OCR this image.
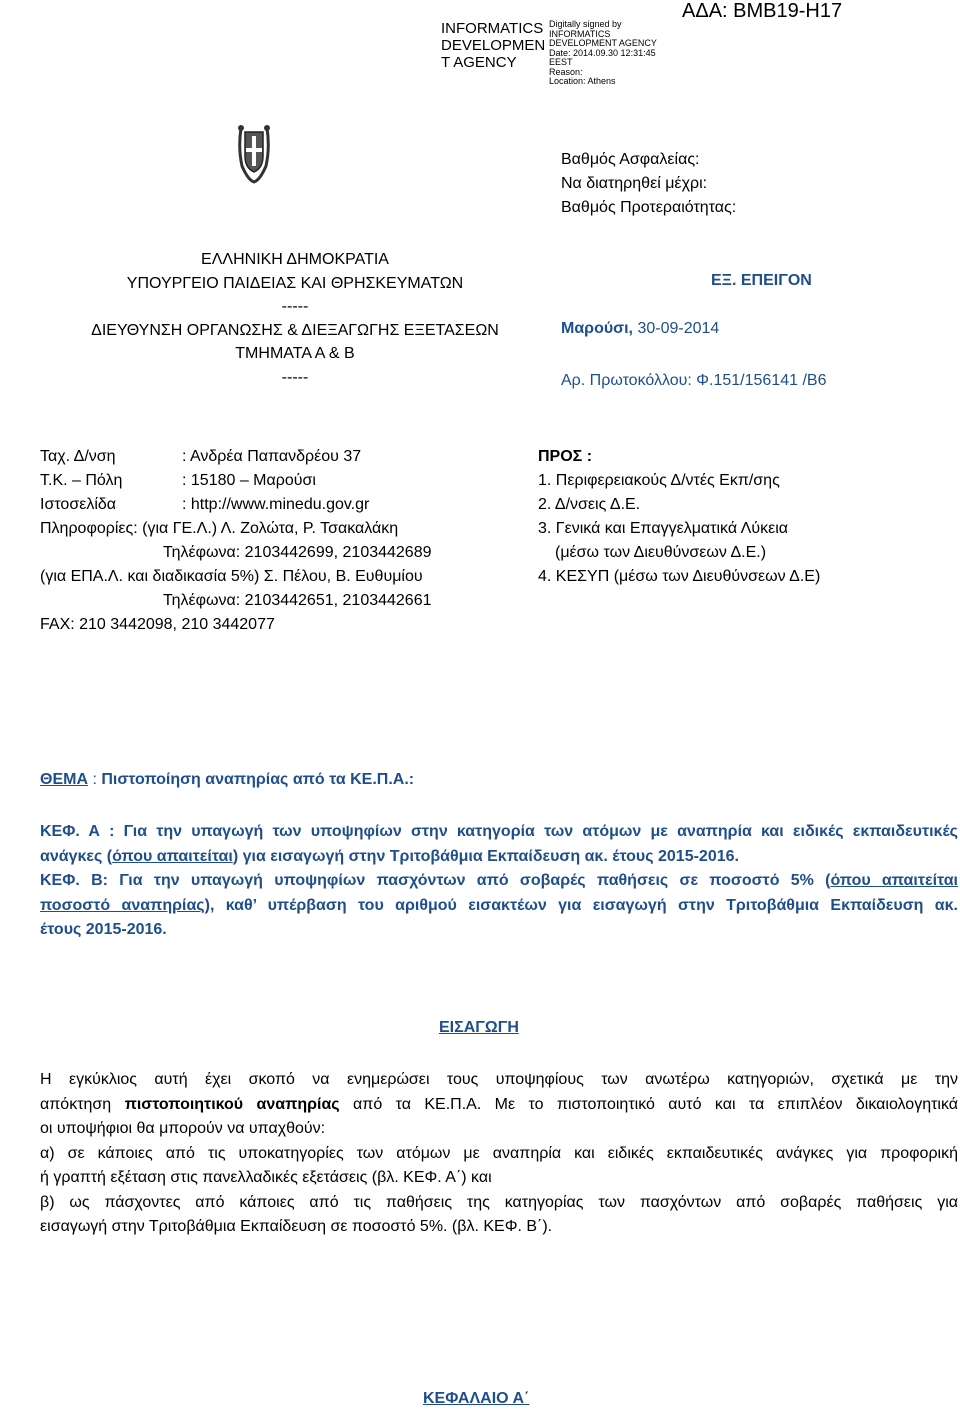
INFORMATICS
DEVELOPMEN
T AGENCY
Digitally signed by
INFORMATICS
DEVELOPMENT AGENCY
Date: 2014.09.30 12:31:45
EEST
Reason:
Location: Athens
ΑΔΑ: ΒΜΒ19-Η17
Βαθμός Ασφαλείας:
Να διατηρηθεί μέχρι:
Βαθμός Προτεραιότητας:
ΕΛΛΗΝΙΚΗ ΔΗΜΟΚΡΑΤΙΑ
ΥΠΟΥΡΓΕΙΟ ΠΑΙΔΕΙΑΣ ΚΑΙ ΘΡΗΣΚΕΥΜΑΤΩΝ
-----
ΔΙΕΥΘΥΝΣΗ ΟΡΓΑΝΩΣΗΣ & ΔΙΕΞΑΓΩΓΗΣ ΕΞΕΤΑΣΕΩΝ
ΤΜΗΜΑΤΑ Α & Β
-----
ΕΞ. ΕΠΕΙΓΟΝ
Μαρούσι, 30-09-2014
Αρ. Πρωτοκόλλου: Φ.151/156141 /Β6
Ταχ. Δ/νση	: Ανδρέα Παπανδρέου 37
Τ.Κ. – Πόλη	: 15180 – Μαρούσι
Ιστοσελίδα	: http://www.minedu.gov.gr
Πληροφορίες: (για ΓΕ.Λ.) Λ. Ζολώτα, Ρ. Τσακαλάκη
Τηλέφωνα: 2103442699, 2103442689
(για ΕΠΑ.Λ. και διαδικασία 5%) Σ. Πέλου, Β. Ευθυμίου
Τηλέφωνα: 2103442651, 2103442661
FAX: 210 3442098, 210 3442077
ΠΡΟΣ :
1. Περιφερειακούς Δ/ντές Εκπ/σης
2. Δ/νσεις Δ.Ε.
3. Γενικά και Επαγγελματικά Λύκεια
(μέσω των Διευθύνσεων Δ.Ε.)
4. ΚΕΣΥΠ (μέσω των Διευθύνσεων Δ.Ε)
ΘΕΜΑ : Πιστοποίηση αναπηρίας από τα ΚΕ.Π.Α.:
ΚΕΦ. Α : Για την υπαγωγή των υποψηφίων στην κατηγορία των ατόμων με αναπηρία και ειδικές εκπαιδευτικές
ανάγκες (όπου απαιτείται) για εισαγωγή στην Τριτοβάθμια Εκπαίδευση ακ. έτους 2015-2016.
ΚΕΦ. Β: Για την υπαγωγή υποψηφίων πασχόντων από σοβαρές παθήσεις σε ποσοστό 5% (όπου απαιτείται
ποσοστό αναπηρίας), καθ’ υπέρβαση του αριθμού εισακτέων για εισαγωγή στην Τριτοβάθμια Εκπαίδευση ακ.
έτους 2015-2016.
ΕΙΣΑΓΩΓΗ
Η εγκύκλιος αυτή έχει σκοπό να ενημερώσει τους υποψηφίους των ανωτέρω κατηγοριών, σχετικά με την
απόκτηση πιστοποιητικού αναπηρίας από τα ΚΕ.Π.Α. Με το πιστοποιητικό αυτό και τα επιπλέον δικαιολογητικά
οι υποψήφιοι θα μπορούν να υπαχθούν:
α) σε κάποιες από τις υποκατηγορίες των ατόμων με αναπηρία και ειδικές εκπαιδευτικές ανάγκες για προφορική
ή γραπτή εξέταση στις πανελλαδικές εξετάσεις (βλ. ΚΕΦ. Α΄) και
β) ως πάσχοντες από κάποιες από τις παθήσεις της κατηγορίας των πασχόντων από σοβαρές παθήσεις για
εισαγωγή στην Τριτοβάθμια Εκπαίδευση σε ποσοστό 5%. (βλ. ΚΕΦ. Β΄).
ΚΕΦΑΛΑΙΟ Α΄
